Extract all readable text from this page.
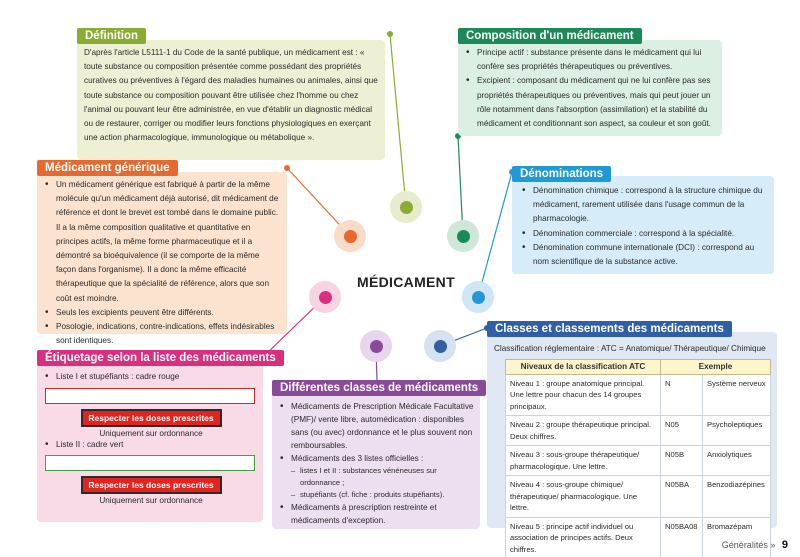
MÉDICAMENT
Définition
D'après l'article L5111-1 du Code de la santé publique, un médicament est : « toute substance ou composition présentée comme possédant des propriétés curatives ou préventives à l'égard des maladies humaines ou animales, ainsi que toute substance ou composition pouvant être utilisée chez l'homme ou chez l'animal ou pouvant leur être administrée, en vue d'établir un diagnostic médical ou de restaurer, corriger ou modifier leurs fonctions physiologiques en exerçant une action pharmacologique, immunologique ou métabolique ».
Composition d'un médicament
• Principe actif : substance présente dans le médicament qui lui confère ses propriétés thérapeutiques ou préventives.
• Excipient : composant du médicament qui ne lui confère pas ses propriétés thérapeutiques ou préventives, mais qui peut jouer un rôle notamment dans l'absorption (assimilation) et la stabilité du médicament et conditionnant son aspect, sa couleur et son goût.
Médicament générique
• Un médicament générique est fabriqué à partir de la même molécule qu'un médicament déjà autorisé, dit médicament de référence et dont le brevet est tombé dans le domaine public. Il a la même composition qualitative et quantitative en principes actifs, la même forme pharmaceutique et il a démontré sa bioéquivalence (il se comporte de la même façon dans l'organisme). Il a donc la même efficacité thérapeutique que la spécialité de référence, alors que son coût est moindre.
• Seuls les excipients peuvent être différents.
• Posologie, indications, contre-indications, effets indésirables sont identiques.
Dénominations
• Dénomination chimique : correspond à la structure chimique du médicament, rarement utilisée dans l'usage commun de la pharmacologie.
• Dénomination commerciale : correspond à la spécialité.
• Dénomination commune internationale (DCI) : correspond au nom scientifique de la substance active.
Étiquetage selon la liste des médicaments
• Liste I et stupéfiants : cadre rouge
Respecter les doses prescrites
Uniquement sur ordonnance
• Liste II : cadre vert
Respecter les doses prescrites
Uniquement sur ordonnance
Différentes classes de médicaments
• Médicaments de Prescription Médicale Facultative (PMF)/ vente libre, automédication : disponibles sans (ou avec) ordonnance et le plus souvent non remboursables.
• Médicaments des 3 listes officielles :
– listes I et II : substances vénéneuses sur ordonnance ;
– stupéfiants (cf. fiche : produits stupéfiants).
• Médicaments à prescription restreinte et médicaments d'exception.
Classes et classements des médicaments
Classification réglementaire : ATC = Anatomique/ Thérapeutique/ Chimique
Niveaux de la classification ATC	Exemple	
Niveau 1 : groupe anatomique principal. Une lettre pour chacun des 14 groupes principaux.	N	Système nerveux
Niveau 2 : groupe thérapeutique principal. Deux chiffres.	N05	Psycholeptiques
Niveau 3 : sous-groupe thérapeutique/ pharmacologique. Une lettre.	N05B	Anxiolytiques
Niveau 4 : sous-groupe chimique/ thérapeutique/ pharmacologique. Une lettre.	N05BA	Benzodiazépines
Niveau 5 : principe actif individuel ou association de principes actifs. Deux chiffres.	N05BA08	Bromazépam
Généralités » 9
